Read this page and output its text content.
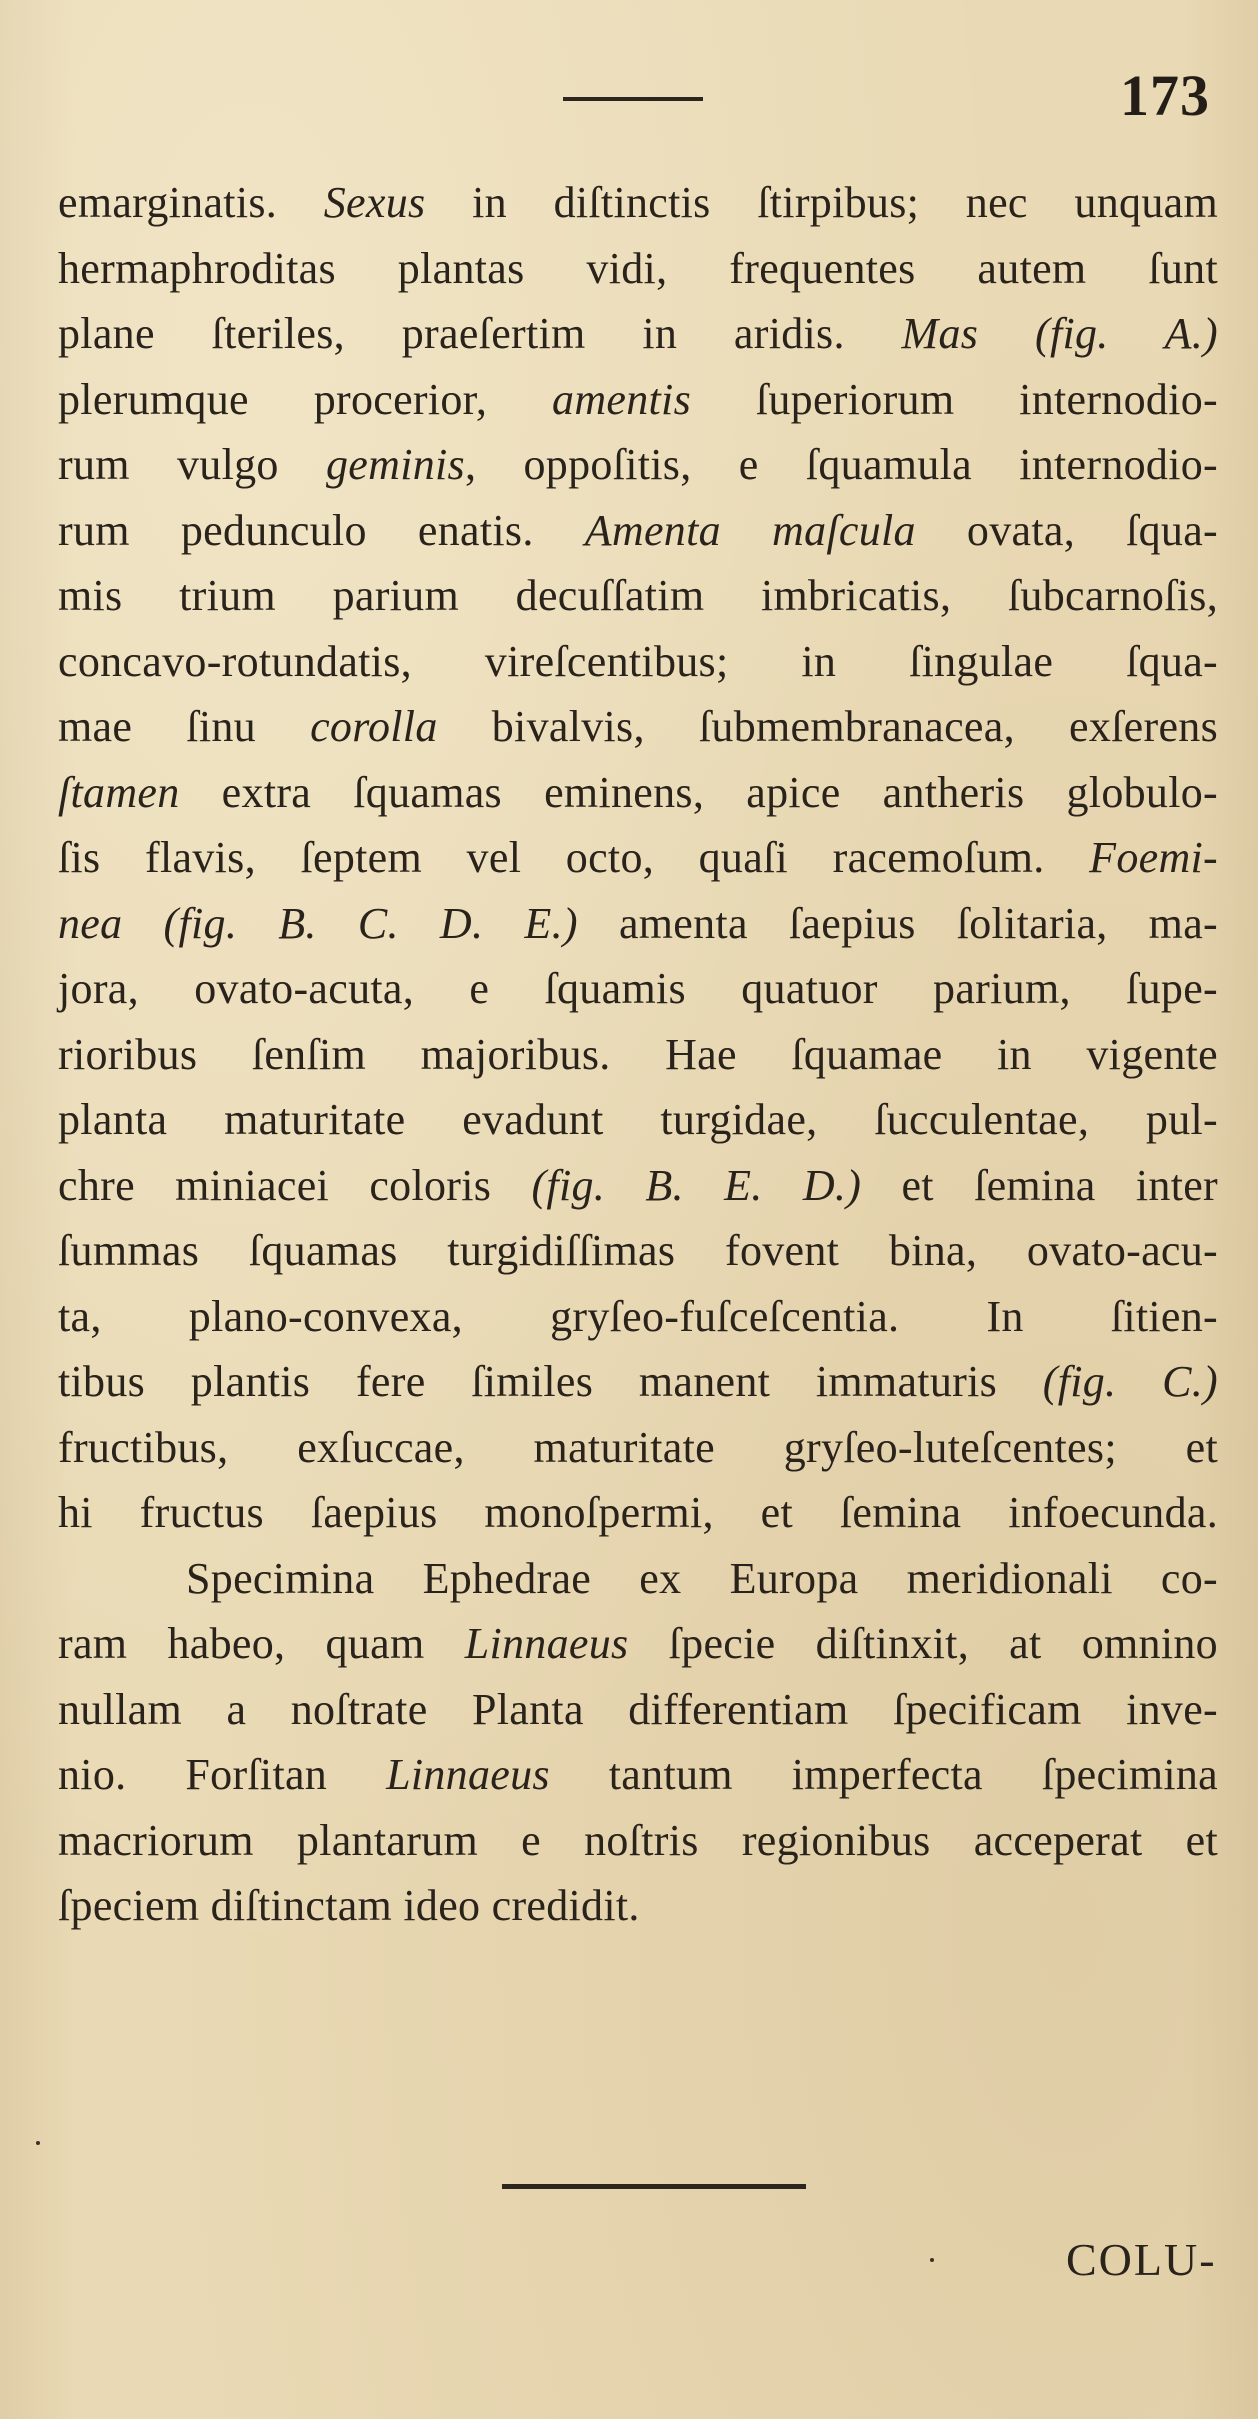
173
emarginatis. Sexus in diſtinctis ſtirpibus; nec unquam
hermaphroditas plantas vidi, frequentes autem ſunt
plane ſteriles, praeſertim in aridis. Mas (fig. A.)
plerumque procerior, amentis ſuperiorum internodio-
rum vulgo geminis, oppoſitis, e ſquamula internodio-
rum pedunculo enatis. Amenta maſcula ovata, ſqua-
mis trium parium decuſſatim imbricatis, ſubcarnoſis,
concavo-rotundatis, vireſcentibus; in ſingulae ſqua-
mae ſinu corolla bivalvis, ſubmembranacea, exſerens
ſtamen extra ſquamas eminens, apice antheris globulo-
ſis flavis, ſeptem vel octo, quaſi racemoſum. Foemi-
nea (fig. B. C. D. E.) amenta ſaepius ſolitaria, ma-
jora, ovato-acuta, e ſquamis quatuor parium, ſupe-
rioribus ſenſim majoribus. Hae ſquamae in vigente
planta maturitate evadunt turgidae, ſucculentae, pul-
chre miniacei coloris (fig. B. E. D.) et ſemina inter
ſummas ſquamas turgidiſſimas fovent bina, ovato-acu-
ta, plano-convexa, gryſeo-fuſceſcentia. In ſitien-
tibus plantis fere ſimiles manent immaturis (fig. C.)
fructibus, exſuccae, maturitate gryſeo-luteſcentes; et
hi fructus ſaepius monoſpermi, et ſemina infoecunda.
Specimina Ephedrae ex Europa meridionali co-
ram habeo, quam Linnaeus ſpecie diſtinxit, at omnino
nullam a noſtrate Planta differentiam ſpecificam inve-
nio. Forſitan Linnaeus tantum imperfecta ſpecimina
macriorum plantarum e noſtris regionibus acceperat et
ſpeciem diſtinctam ideo credidit.
COLU-
